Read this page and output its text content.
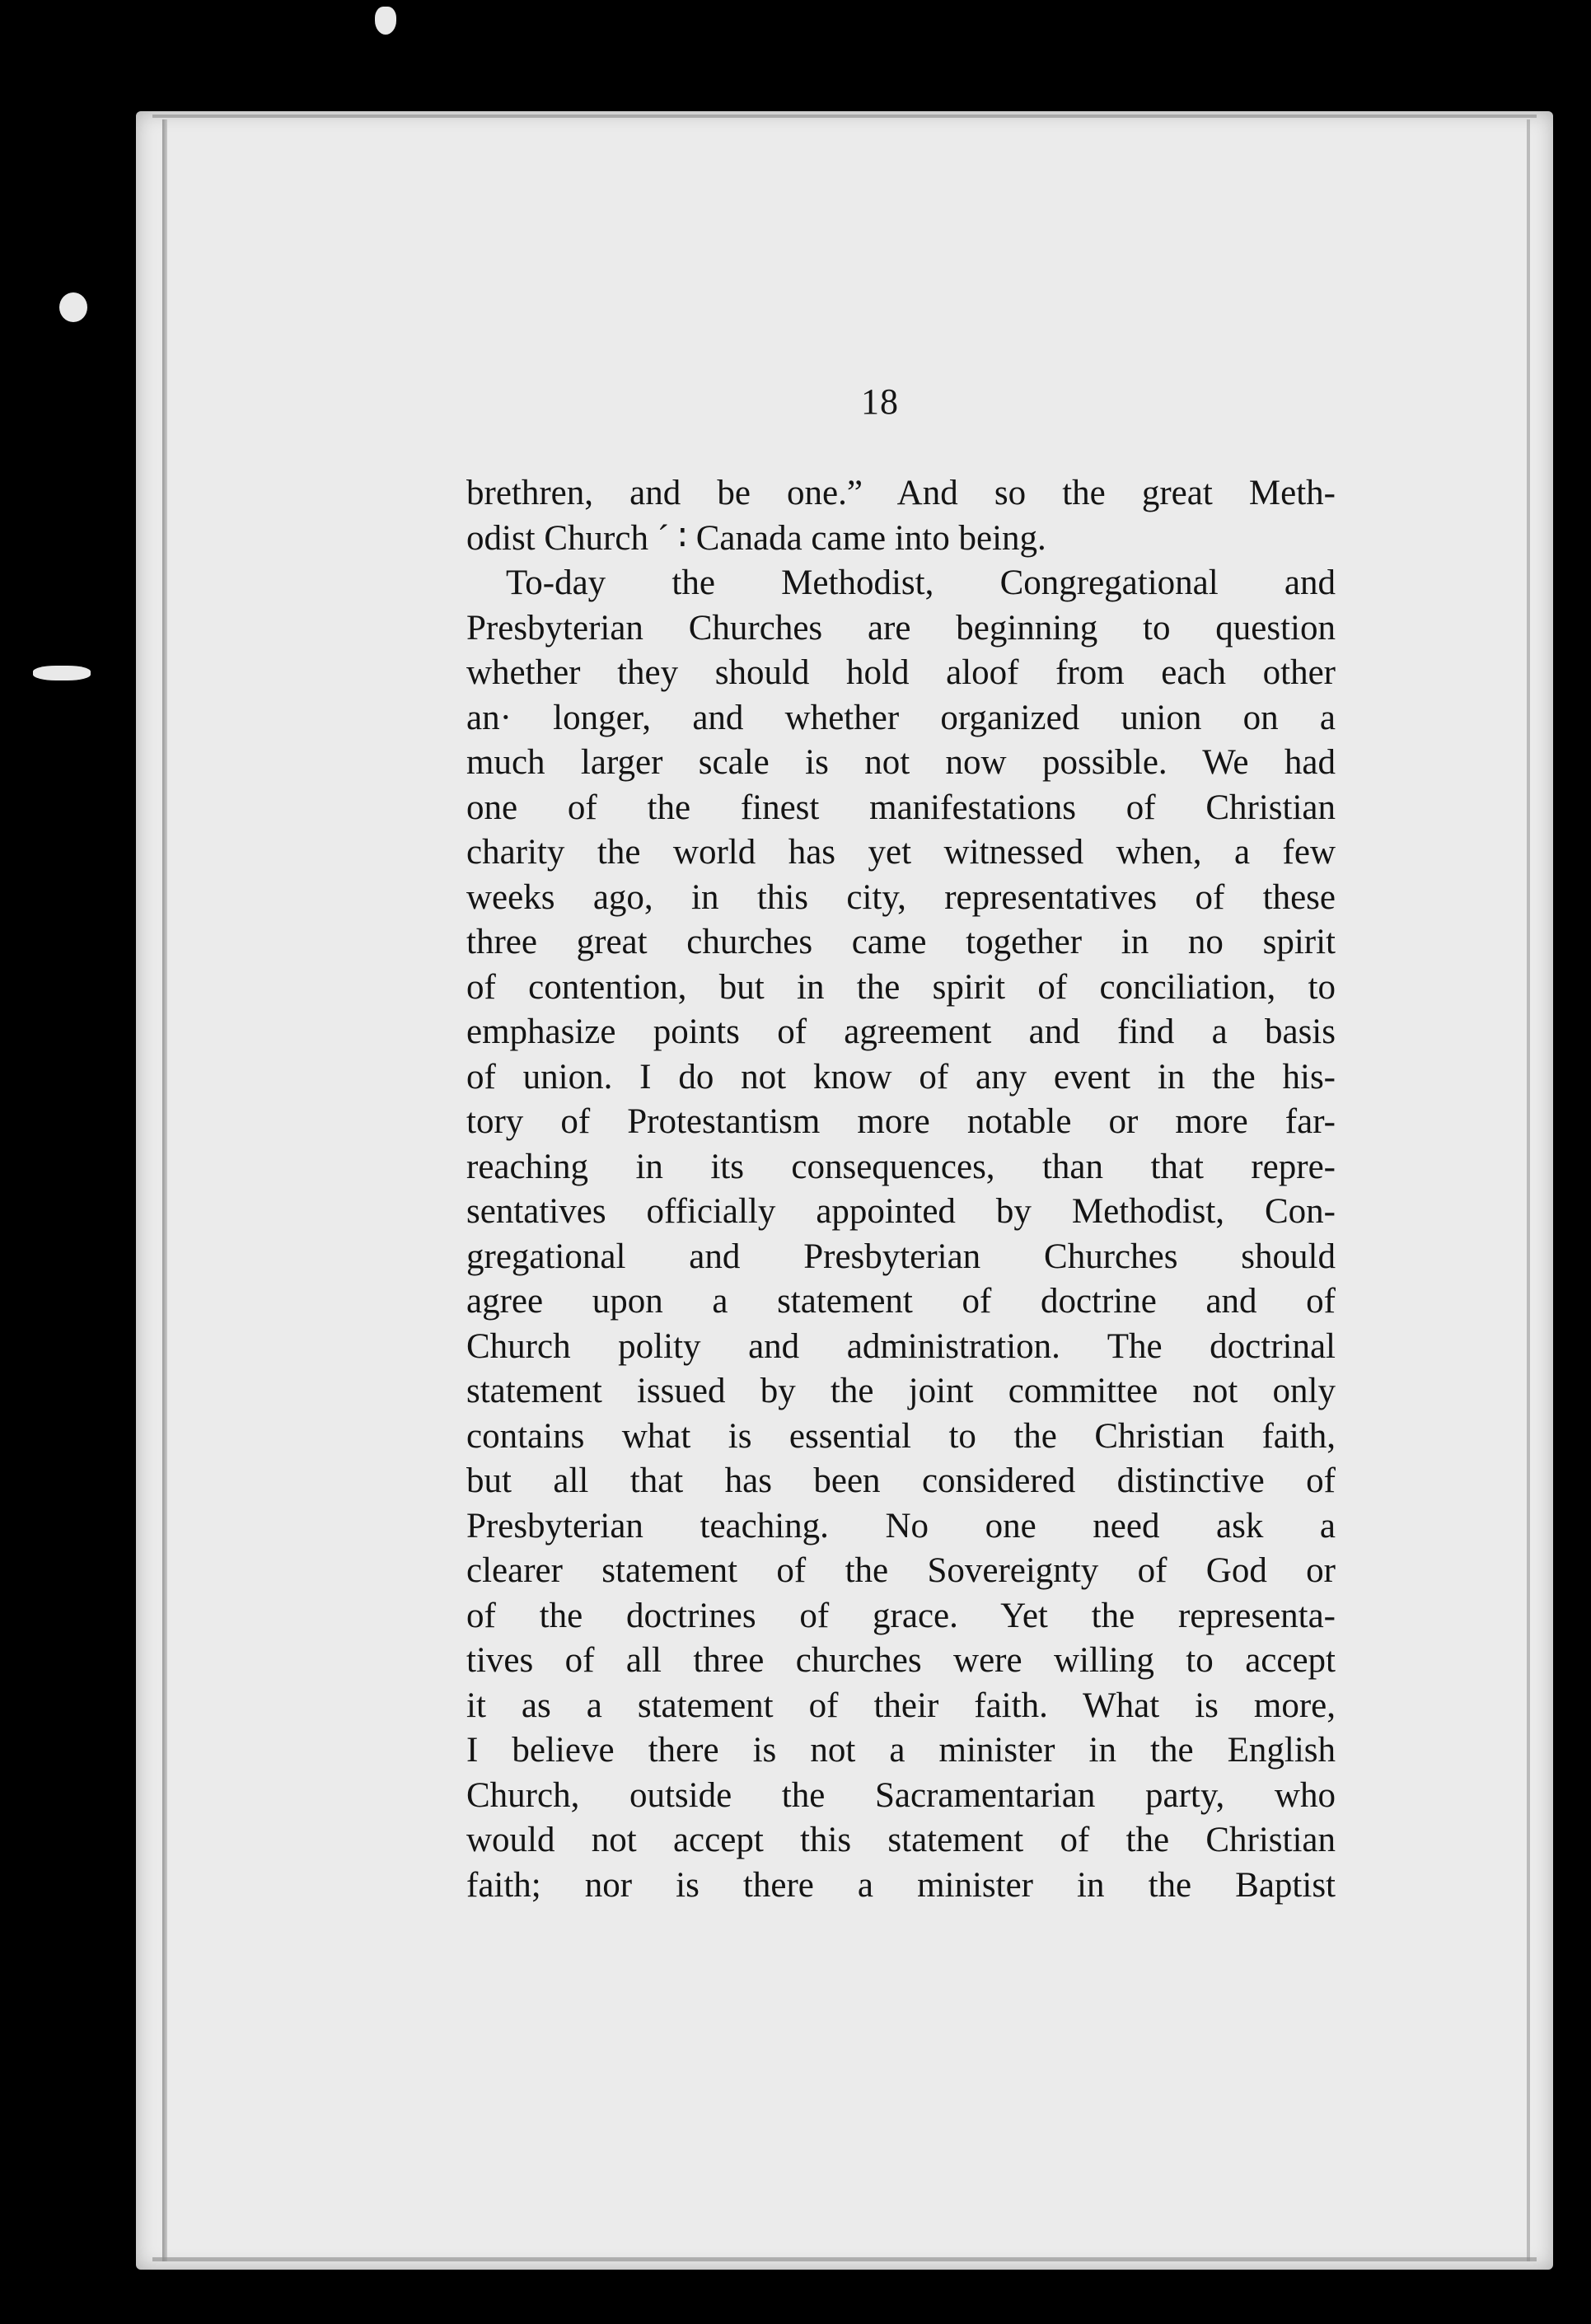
18
brethren, and be one.” And so the great Meth-
odist Church ´ ∶ Canada came into being.
To-day the Methodist, Congregational and
Presbyterian Churches are beginning to question
whether they should hold aloof from each other
an· longer, and whether organized union on a
much larger scale is not now possible. We had
one of the finest manifestations of Christian
charity the world has yet witnessed when, a few
weeks ago, in this city, representatives of these
three great churches came together in no spirit
of contention, but in the spirit of conciliation, to
emphasize points of agreement and find a basis
of union. I do not know of any event in the his-
tory of Protestantism more notable or more far-
reaching in its consequences, than that repre-
sentatives officially appointed by Methodist, Con-
gregational and Presbyterian Churches should
agree upon a statement of doctrine and of
Church polity and administration. The doctrinal
statement issued by the joint committee not only
contains what is essential to the Christian faith,
but all that has been considered distinctive of
Presbyterian teaching. No one need ask a
clearer statement of the Sovereignty of God or
of the doctrines of grace. Yet the representa-
tives of all three churches were willing to accept
it as a statement of their faith. What is more,
I believe there is not a minister in the English
Church, outside the Sacramentarian party, who
would not accept this statement of the Christian
faith; nor is there a minister in the Baptist
